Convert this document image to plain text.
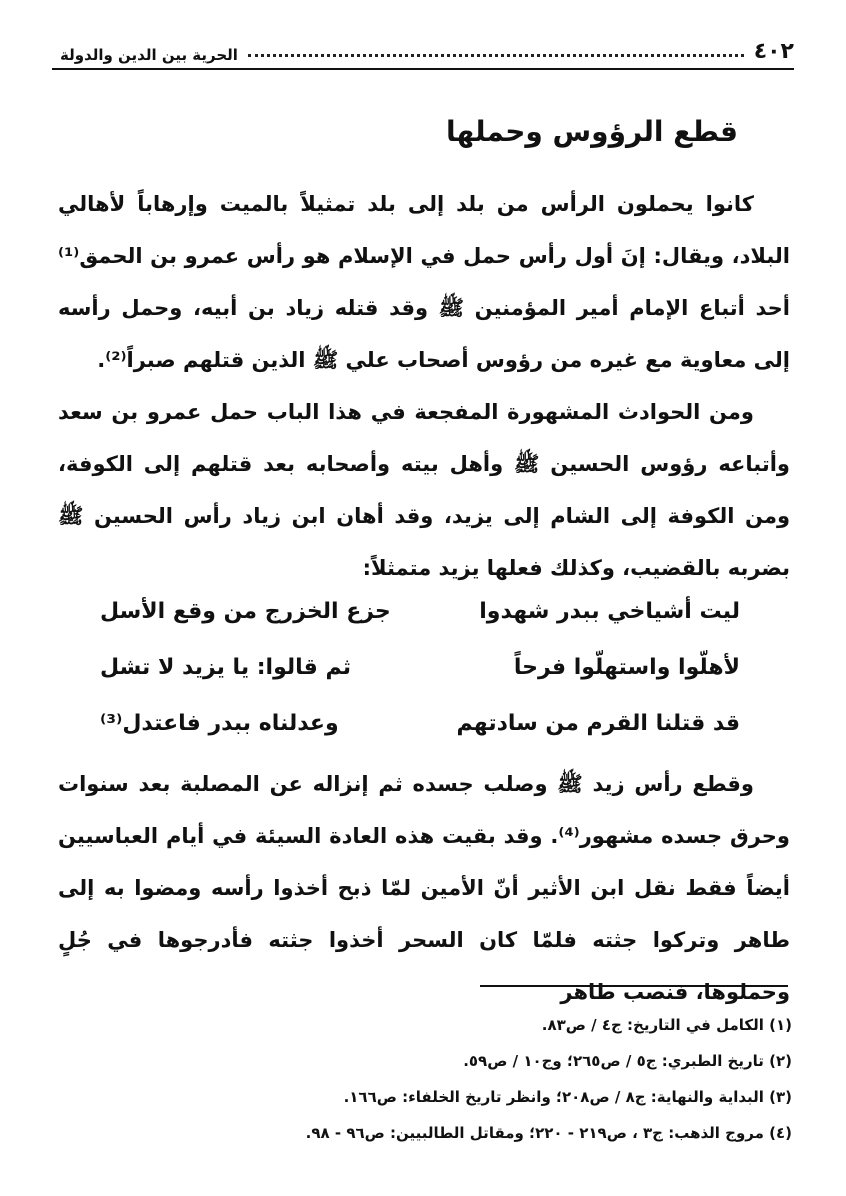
٤٠٢
الحرية بين الدين والدولة
قطع الرؤوس وحملها

كانوا يحملون الرأس من بلد إلى بلد تمثيلاً بالميت وإرهاباً لأهالي البلاد، ويقال: إنَ أول رأس حمل في الإسلام هو رأس عمرو بن الحمق⁽¹⁾ أحد أتباع الإمام أمير المؤمنين ﷺ وقد قتله زياد بن أبيه، وحمل رأسه إلى معاوية مع غيره من رؤوس أصحاب علي ﷺ الذين قتلهم صبراً⁽²⁾.

ومن الحوادث المشهورة المفجعة في هذا الباب حمل عمرو بن سعد وأتباعه رؤوس الحسين ﷺ وأهل بيته وأصحابه بعد قتلهم إلى الكوفة، ومن الكوفة إلى الشام إلى يزيد، وقد أهان ابن زياد رأس الحسين ﷺ بضربه بالقضيب، وكذلك فعلها يزيد متمثلاً:

ليت أشياخي ببدر شهدوا
جزع الخزرج من وقع الأسل
لأهلّوا واستهلّوا فرحاً
ثم قالوا: يا يزيد لا تشل
قد قتلنا القرم من سادتهم
وعدلناه ببدر فاعتدل⁽³⁾

وقطع رأس زيد ﷺ وصلب جسده ثم إنزاله عن المصلبة بعد سنوات وحرق جسده مشهور⁽⁴⁾. وقد بقيت هذه العادة السيئة في أيام العباسيين أيضاً فقط نقل ابن الأثير أنّ الأمين لمّا ذبح أخذوا رأسه ومضوا به إلى طاهر وتركوا جثته فلمّا كان السحر أخذوا جثته فأدرجوها في جُلٍ وحملوها، فنصب طاهر

(١) الكامل في التاريخ: ج٤ / ص٨٣.
(٢) تاريخ الطبري: ج٥ / ص٢٦٥؛ وج١٠ / ص٥٩.
(٣) البداية والنهاية: ج٨ / ص٢٠٨؛ وانظر تاريخ الخلفاء: ص١٦٦.
(٤) مروج الذهب: ج٣ ، ص٢١٩ - ٢٢٠؛ ومقاتل الطالبيين: ص٩٦ - ٩٨.
